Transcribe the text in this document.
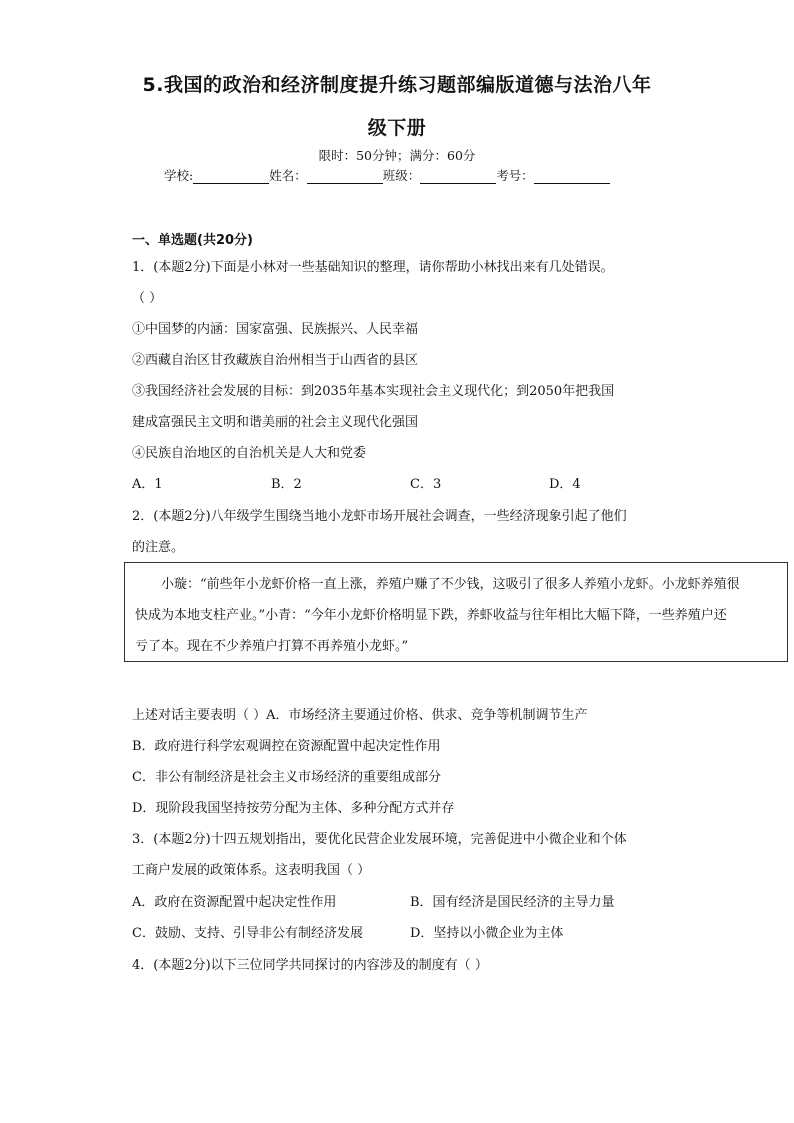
5.我国的政治和经济制度提升练习题部编版道德与法治八年
级下册
限时：50分钟；满分：60分
学校:	姓名：	班级：	考号：
一、单选题(共20分)
1．(本题2分)下面是小林对一些基础知识的整理，请你帮助小林找出来有几处错误。
（ ）
①中国梦的内涵：国家富强、民族振兴、人民幸福
②西藏自治区甘孜藏族自治州相当于山西省的县区
③我国经济社会发展的目标：到2035年基本实现社会主义现代化；到2050年把我国
建成富强民主文明和谐美丽的社会主义现代化强国
④民族自治地区的自治机关是人大和党委
A．1	B．2	C．3	D．4
2．(本题2分)八年级学生围绕当地小龙虾市场开展社会调查，一些经济现象引起了他们
的注意。
小璇：“前些年小龙虾价格一直上涨，养殖户赚了不少钱，这吸引了很多人养殖小龙虾。小龙虾养殖很
快成为本地支柱产业。”小青：“今年小龙虾价格明显下跌，养虾收益与往年相比大幅下降，一些养殖户还
亏了本。现在不少养殖户打算不再养殖小龙虾。”
上述对话主要表明（ ）A．市场经济主要通过价格、供求、竞争等机制调节生产
B．政府进行科学宏观调控在资源配置中起决定性作用
C．非公有制经济是社会主义市场经济的重要组成部分
D．现阶段我国坚持按劳分配为主体、多种分配方式并存
3．(本题2分)十四五规划指出，要优化民营企业发展环境，完善促进中小微企业和个体
工商户发展的政策体系。这表明我国（ ）
A．政府在资源配置中起决定性作用	B．国有经济是国民经济的主导力量
C．鼓励、支持、引导非公有制经济发展	D．坚持以小微企业为主体
4．(本题2分)以下三位同学共同探讨的内容涉及的制度有（ ）
